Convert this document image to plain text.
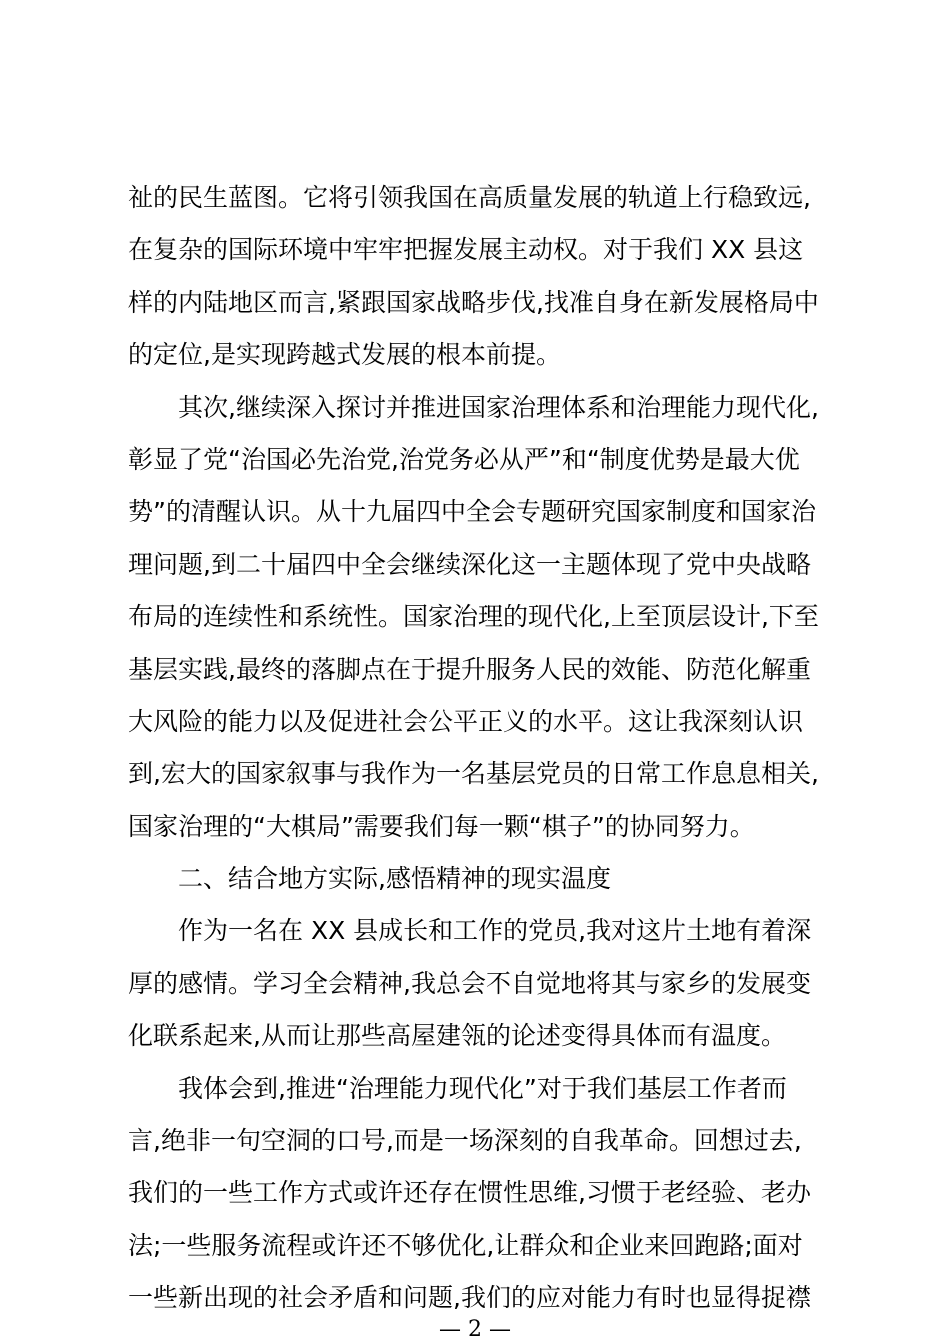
祉的民生蓝图。它将引领我国在高质量发展的轨道上行稳致远,
在复杂的国际环境中牢牢把握发展主动权。对于我们 XX 县这
样的内陆地区而言,紧跟国家战略步伐,找准自身在新发展格局中
的定位,是实现跨越式发展的根本前提。
　　其次,继续深入探讨并推进国家治理体系和治理能力现代化,
彰显了党“治国必先治党,治党务必从严”和“制度优势是最大优
势”的清醒认识。从十九届四中全会专题研究国家制度和国家治
理问题,到二十届四中全会继续深化这一主题体现了党中央战略
布局的连续性和系统性。国家治理的现代化,上至顶层设计,下至
基层实践,最终的落脚点在于提升服务人民的效能、防范化解重
大风险的能力以及促进社会公平正义的水平。这让我深刻认识
到,宏大的国家叙事与我作为一名基层党员的日常工作息息相关,
国家治理的“大棋局”需要我们每一颗“棋子”的协同努力。
　　二、结合地方实际,感悟精神的现实温度
　　作为一名在 XX 县成长和工作的党员,我对这片土地有着深
厚的感情。学习全会精神,我总会不自觉地将其与家乡的发展变
化联系起来,从而让那些高屋建瓴的论述变得具体而有温度。
　　我体会到,推进“治理能力现代化”对于我们基层工作者而
言,绝非一句空洞的口号,而是一场深刻的自我革命。回想过去,
我们的一些工作方式或许还存在惯性思维,习惯于老经验、老办
法;一些服务流程或许还不够优化,让群众和企业来回跑路;面对
一些新出现的社会矛盾和问题,我们的应对能力有时也显得捉襟
— 2 —
